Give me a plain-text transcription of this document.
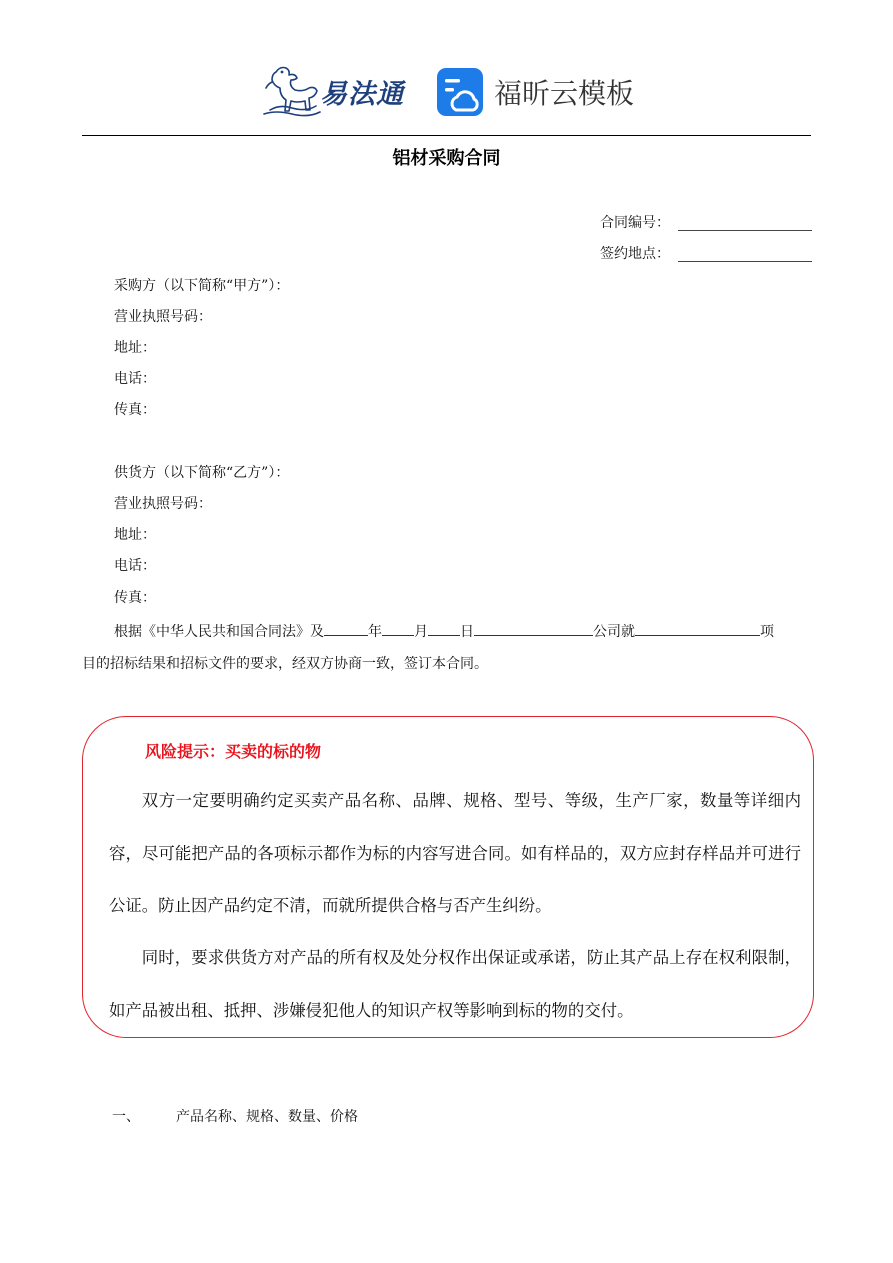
易法通	福昕云模板
铝材采购合同
合同编号：
签约地点：
采购方（以下简称“甲方”）：
营业执照号码：
地址：
电话：
传真：
供货方（以下简称“乙方”）：
营业执照号码：
地址：
电话：
传真：
根据《中华人民共和国合同法》及	年 月 日	公司就	项
目的招标结果和招标文件的要求，经双方协商一致，签订本合同。
风险提示：买卖的标的物

双方一定要明确约定买卖产品名称、品牌、规格、型号、等级，生产厂家，数量等详细内容，尽可能把产品的各项标示都作为标的内容写进合同。如有样品的，双方应封存样品并可进行公证。防止因产品约定不清，而就所提供合格与否产生纠纷。

同时，要求供货方对产品的所有权及处分权作出保证或承诺，防止其产品上存在权利限制，如产品被出租、抵押、涉嫌侵犯他人的知识产权等影响到标的物的交付。

一、	产品名称、规格、数量、价格
